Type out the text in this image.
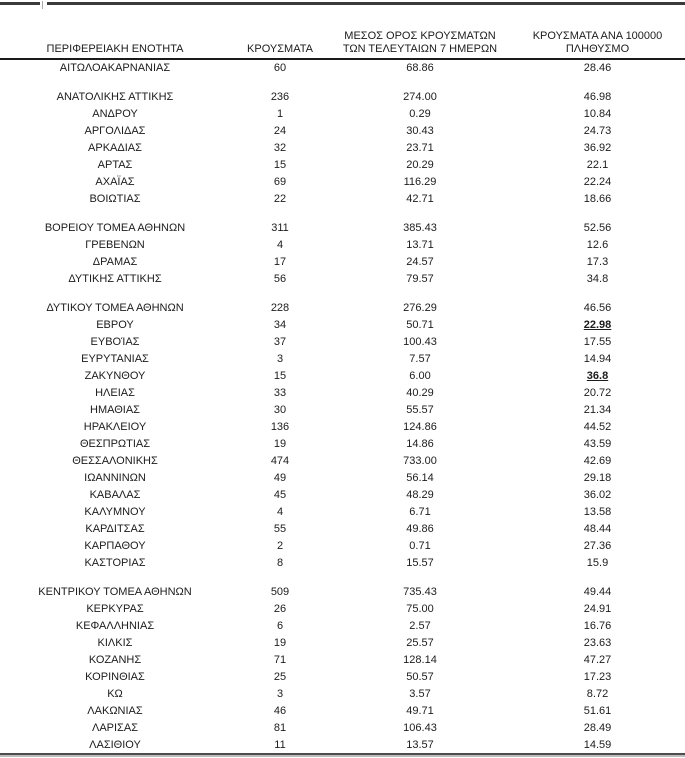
ΠΕΡΙΦΕΡΕΙΑΚΗ ΕΝΟΤΗΤΑ	ΚΡΟΥΣΜΑΤΑ	ΜΕΣΟΣ ΟΡΟΣ ΚΡΟΥΣΜΑΤΩΝ
ΤΩΝ ΤΕΛΕΥΤΑΙΩΝ 7 ΗΜΕΡΩΝ	ΚΡΟΥΣΜΑΤΑ ΑΝΑ 100000
ΠΛΗΘΥΣΜΟ

ΑΙΤΩΛΟΑΚΑΡΝΑΝΙΑΣ	60	68.86	28.46

ΑΝΑΤΟΛΙΚΗΣ ΑΤΤΙΚΗΣ	236	274.00	46.98
ΑΝΔΡΟΥ	1	0.29	10.84
ΑΡΓΟΛΙΔΑΣ	24	30.43	24.73
ΑΡΚΑΔΙΑΣ	32	23.71	36.92
ΑΡΤΑΣ	15	20.29	22.1
ΑΧΑΪΑΣ	69	116.29	22.24
ΒΟΙΩΤΙΑΣ	22	42.71	18.66

ΒΟΡΕΙΟΥ ΤΟΜΕΑ ΑΘΗΝΩΝ	311	385.43	52.56
ΓΡΕΒΕΝΩΝ	4	13.71	12.6
ΔΡΑΜΑΣ	17	24.57	17.3
ΔΥΤΙΚΗΣ ΑΤΤΙΚΗΣ	56	79.57	34.8

ΔΥΤΙΚΟΥ ΤΟΜΕΑ ΑΘΗΝΩΝ	228	276.29	46.56
ΕΒΡΟΥ	34	50.71	22.98
ΕΥΒΟΊΑΣ	37	100.43	17.55
ΕΥΡΥΤΑΝΙΑΣ	3	7.57	14.94
ΖΑΚΥΝΘΟΥ	15	6.00	36.8
ΗΛΕΙΑΣ	33	40.29	20.72
ΗΜΑΘΙΑΣ	30	55.57	21.34
ΗΡΑΚΛΕΙΟΥ	136	124.86	44.52
ΘΕΣΠΡΩΤΙΑΣ	19	14.86	43.59
ΘΕΣΣΑΛΟΝΙΚΗΣ	474	733.00	42.69
ΙΩΑΝΝΙΝΩΝ	49	56.14	29.18
ΚΑΒΑΛΑΣ	45	48.29	36.02
ΚΑΛΥΜΝΟΥ	4	6.71	13.58
ΚΑΡΔΙΤΣΑΣ	55	49.86	48.44
ΚΑΡΠΑΘΟΥ	2	0.71	27.36
ΚΑΣΤΟΡΙΑΣ	8	15.57	15.9

ΚΕΝΤΡΙΚΟΥ ΤΟΜΕΑ ΑΘΗΝΩΝ	509	735.43	49.44
ΚΕΡΚΥΡΑΣ	26	75.00	24.91
ΚΕΦΑΛΛΗΝΙΑΣ	6	2.57	16.76
ΚΙΛΚΙΣ	19	25.57	23.63
ΚΟΖΑΝΗΣ	71	128.14	47.27
ΚΟΡΙΝΘΙΑΣ	25	50.57	17.23
ΚΩ	3	3.57	8.72
ΛΑΚΩΝΙΑΣ	46	49.71	51.61
ΛΑΡΙΣΑΣ	81	106.43	28.49
ΛΑΣΙΘΙΟΥ	11	13.57	14.59
